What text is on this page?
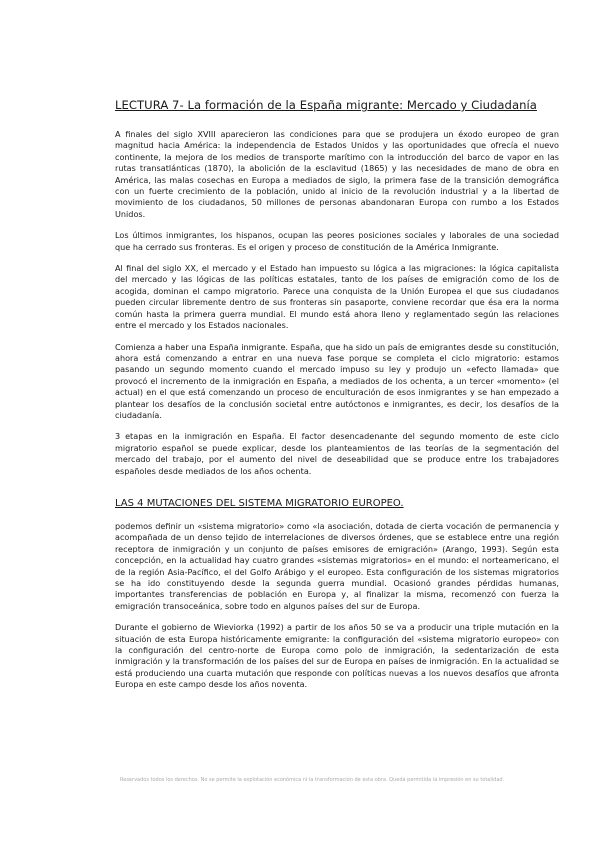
LECTURA 7- La formación de la España migrante: Mercado y Ciudadanía

A finales del siglo XVIII aparecieron las condiciones para que se produjera un éxodo europeo de gran magnitud hacia América: la independencia de Estados Unidos y las oportunidades que ofrecía el nuevo continente, la mejora de los medios de transporte marítimo con la introducción del barco de vapor en las rutas transatlánticas (1870), la abolición de la esclavitud (1865) y las necesidades de mano de obra en América, las malas cosechas en Europa a mediados de siglo, la primera fase de la transición demográfica con un fuerte crecimiento de la población, unido al inicio de la revolución industrial y a la libertad de movimiento de los ciudadanos, 50 millones de personas abandonaran Europa con rumbo a los Estados Unidos.

Los últimos inmigrantes, los hispanos, ocupan las peores posiciones sociales y laborales de una sociedad que ha cerrado sus fronteras. Es el origen y proceso de constitución de la América Inmigrante.

Al final del siglo XX, el mercado y el Estado han impuesto su lógica a las migraciones: la lógica capitalista del mercado y las lógicas de las políticas estatales, tanto de los países de emigración como de los de acogida, dominan el campo migratorio. Parece una conquista de la Unión Europea el que sus ciudadanos pueden circular libremente dentro de sus fronteras sin pasaporte, conviene recordar que ésa era la norma común hasta la primera guerra mundial. El mundo está ahora lleno y reglamentado según las relaciones entre el mercado y los Estados nacionales.

Comienza a haber una España inmigrante. España, que ha sido un país de emigrantes desde su constitución, ahora está comenzando a entrar en una nueva fase porque se completa el ciclo migratorio: estamos pasando un segundo momento cuando el mercado impuso su ley y produjo un «efecto llamada» que provocó el incremento de la inmigración en España, a mediados de los ochenta, a un tercer «momento» (el actual) en el que está comenzando un proceso de enculturación de esos inmigrantes y se han empezado a plantear los desafíos de la conclusión societal entre autóctonos e inmigrantes, es decir, los desafíos de la ciudadanía.

3 etapas en la inmigración en España. El factor desencadenante del segundo momento de este ciclo migratorio español se puede explicar, desde los planteamientos de las teorías de la segmentación del mercado del trabajo, por el aumento del nivel de deseabilidad que se produce entre los trabajadores españoles desde mediados de los años ochenta.

LAS 4 MUTACIONES DEL SISTEMA MIGRATORIO EUROPEO.

podemos definir un «sistema migratorio» como «la asociación, dotada de cierta vocación de permanencia y acompañada de un denso tejido de interrelaciones de diversos órdenes, que se establece entre una región receptora de inmigración y un conjunto de países emisores de emigración» (Arango, 1993). Según esta concepción, en la actualidad hay cuatro grandes «sistemas migratorios» en el mundo: el norteamericano, el de la región Asia-Pacífico, el del Golfo Arábigo y el europeo. Esta configuración de los sistemas migratorios se ha ido constituyendo desde la segunda guerra mundial. Ocasionó grandes pérdidas humanas, importantes transferencias de población en Europa y, al finalizar la misma, recomenzó con fuerza la emigración transoceánica, sobre todo en algunos países del sur de Europa.

Durante el gobierno de Wieviorka (1992) a partir de los años 50 se va a producir una triple mutación en la situación de esta Europa históricamente emigrante: la configuración del «sistema migratorio europeo» con la configuración del centro-norte de Europa como polo de inmigración, la sedentarización de esta inmigración y la transformación de los países del sur de Europa en países de inmigración. En la actualidad se está produciendo una cuarta mutación que responde con políticas nuevas a los nuevos desafíos que afronta Europa en este campo desde los años noventa.

Reservados todos los derechos. No se permite la explotación económica ni la transformación de esta obra. Queda permitida la impresión en su totalidad.
